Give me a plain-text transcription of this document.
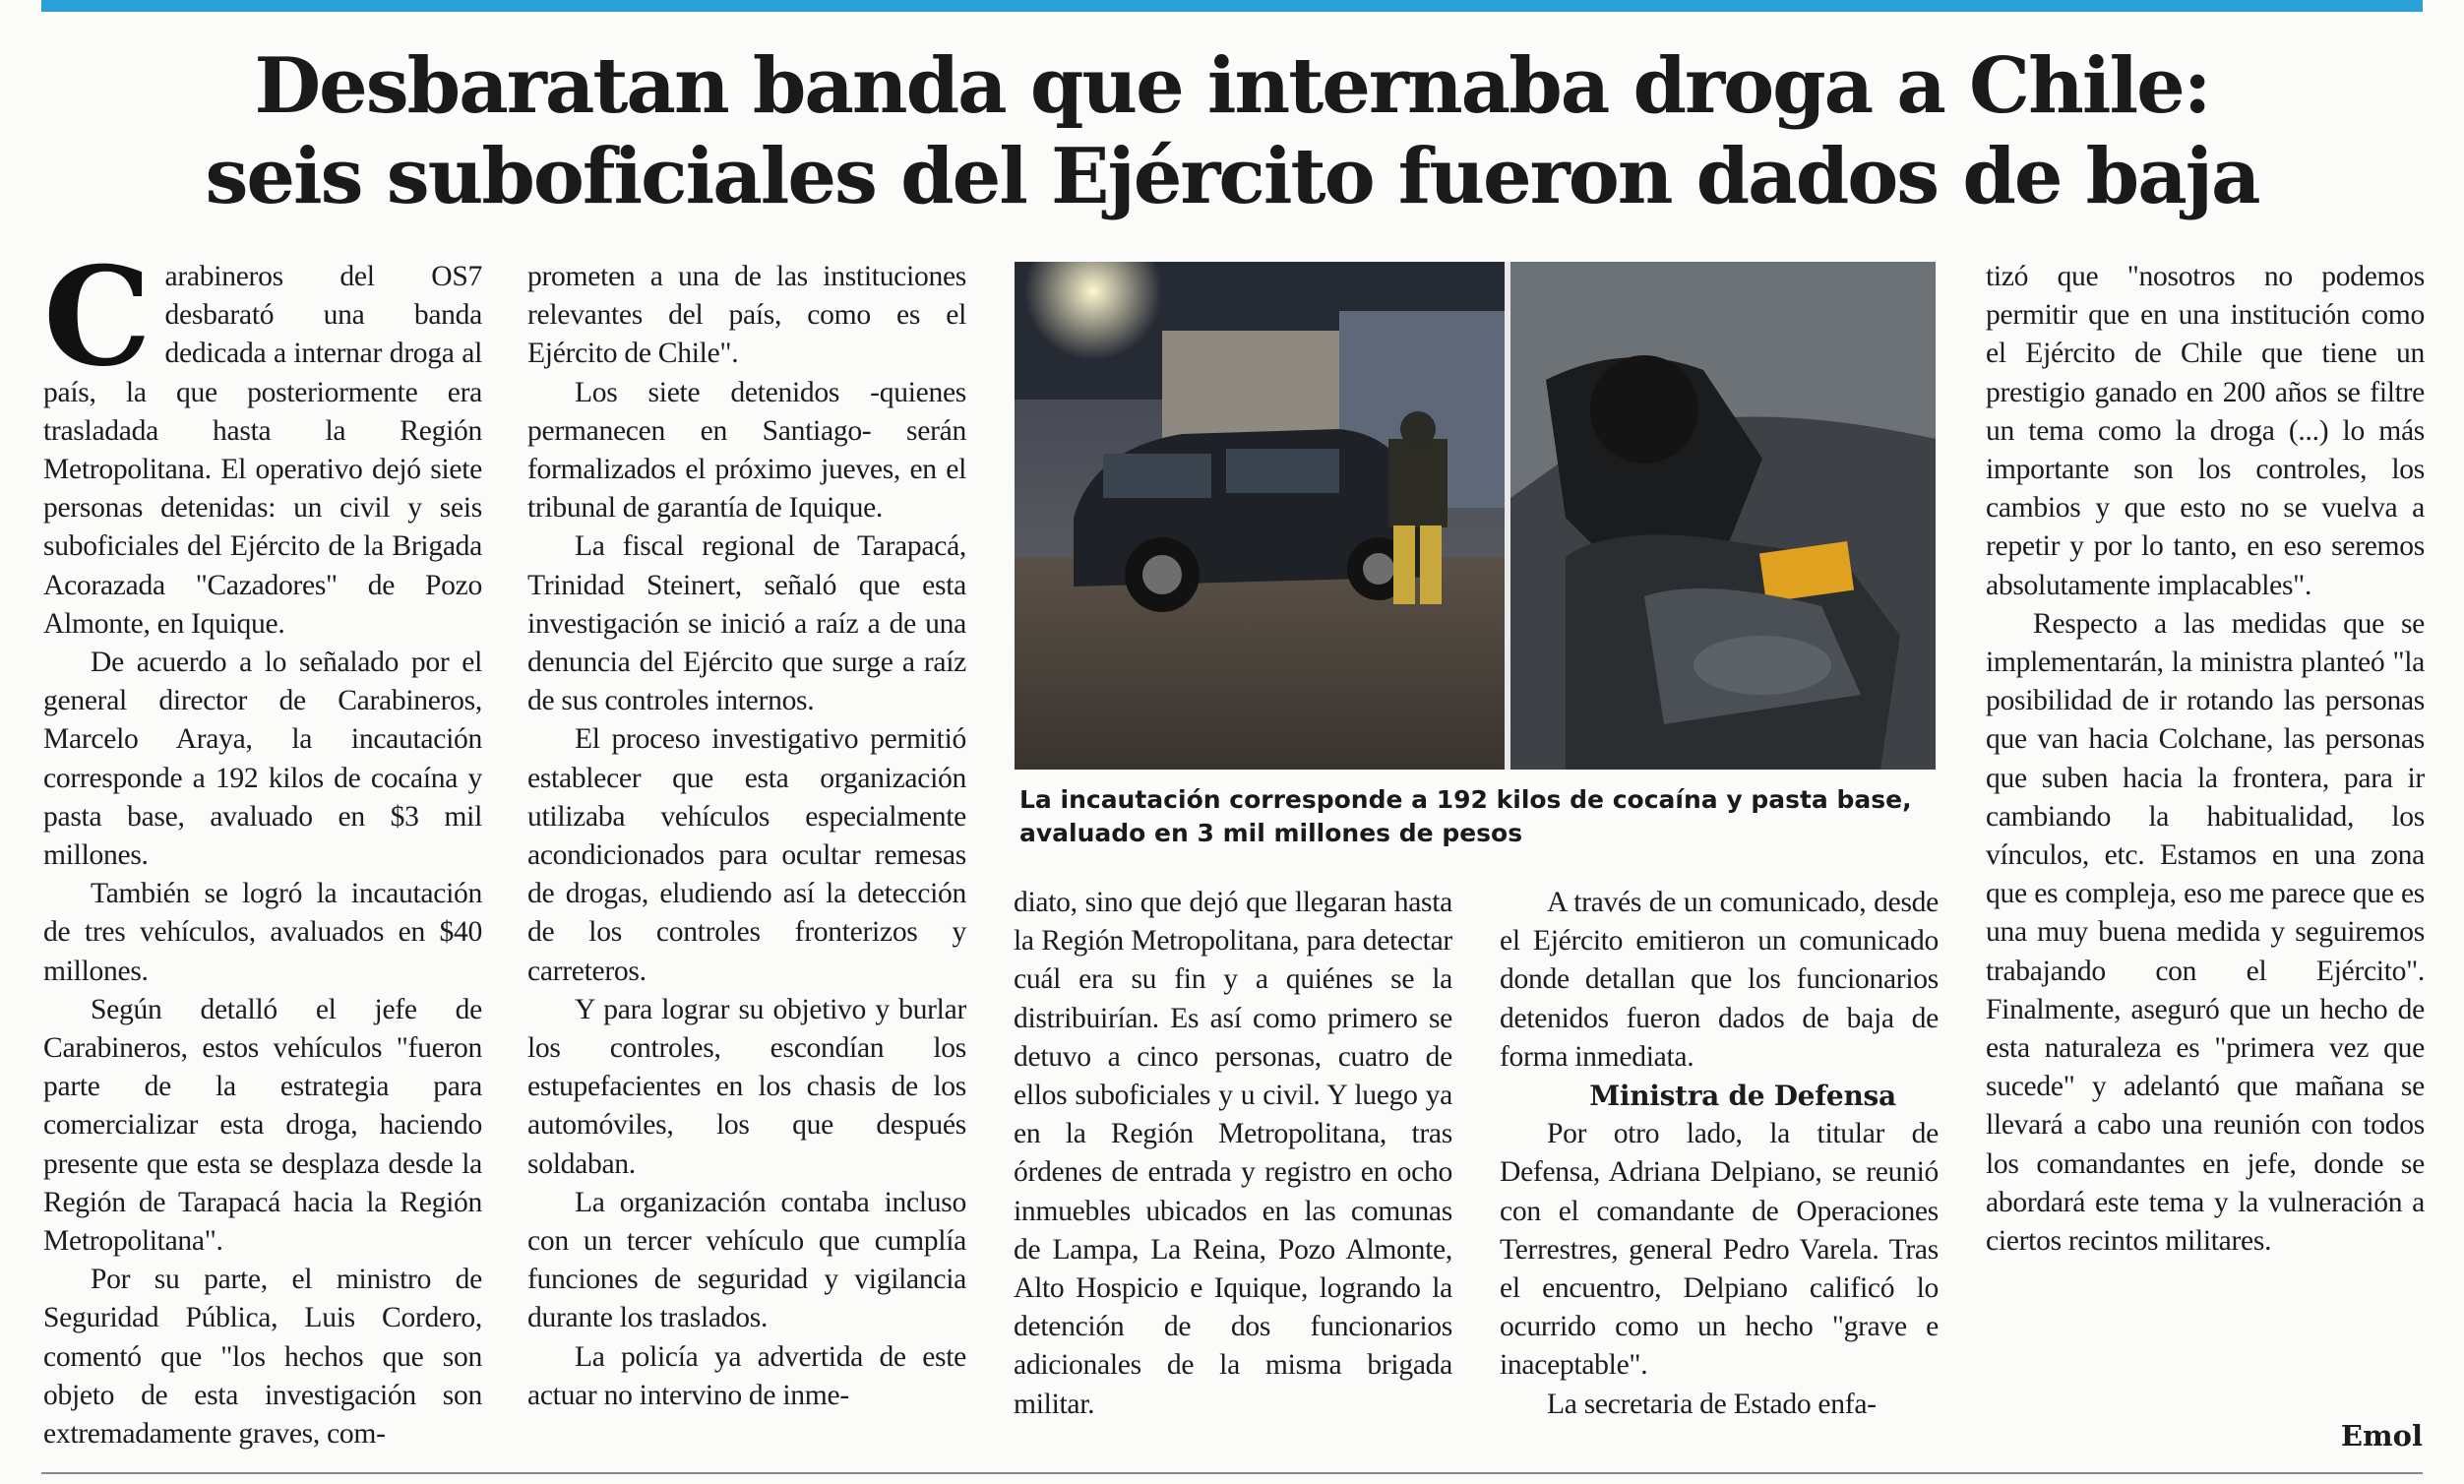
Desbaratan banda que internaba droga a Chile:
seis suboficiales del Ejército fueron dados de baja

Carabineros del OS7 desbarató una banda dedicada a internar droga al país, la que posteriormente era trasladada hasta la Región Metropolitana. El operativo dejó siete personas detenidas: un civil y seis suboficiales del Ejército de la Brigada Acorazada "Cazadores" de Pozo Almonte, en Iquique.

De acuerdo a lo señalado por el general director de Carabineros, Marcelo Araya, la incautación corresponde a 192 kilos de cocaína y pasta base, avaluado en $3 mil millones.

También se logró la incautación de tres vehículos, avaluados en $40 millones.

Según detalló el jefe de Carabineros, estos vehículos "fueron parte de la estrategia para comercializar esta droga, haciendo presente que esta se desplaza desde la Región de Tarapacá hacia la Región Metropolitana".

Por su parte, el ministro de Seguridad Pública, Luis Cordero, comentó que "los hechos que son objeto de esta investigación son extremadamente graves, com-

prometen a una de las instituciones relevantes del país, como es el Ejército de Chile".

Los siete detenidos -quienes permanecen en Santiago- serán formalizados el próximo jueves, en el tribunal de garantía de Iquique.

La fiscal regional de Tarapacá, Trinidad Steinert, señaló que esta investigación se inició a raíz a de una denuncia del Ejército que surge a raíz de sus controles internos.

El proceso investigativo permitió establecer que esta organización utilizaba vehículos especialmente acondicionados para ocultar remesas de drogas, eludiendo así la detección de los controles fronterizos y carreteros.

Y para lograr su objetivo y burlar los controles, escondían los estupefacientes en los chasis de los automóviles, los que después soldaban.

La organización contaba incluso con un tercer vehículo que cumplía funciones de seguridad y vigilancia durante los traslados.

La policía ya advertida de este actuar no intervino de inme-

La incautación corresponde a 192 kilos de cocaína y pasta base, avaluado en 3 mil millones de pesos

diato, sino que dejó que llegaran hasta la Región Metropolitana, para detectar cuál era su fin y a quiénes se la distribuirían. Es así como primero se detuvo a cinco personas, cuatro de ellos suboficiales y u civil. Y luego ya en la Región Metropolitana, tras órdenes de entrada y registro en ocho inmuebles ubicados en las comunas de Lampa, La Reina, Pozo Almonte, Alto Hospicio e Iquique, logrando la detención de dos funcionarios adicionales de la misma brigada militar.

A través de un comunicado, desde el Ejército emitieron un comunicado donde detallan que los funcionarios detenidos fueron dados de baja de forma inmediata.

Ministra de Defensa

Por otro lado, la titular de Defensa, Adriana Delpiano, se reunió con el comandante de Operaciones Terrestres, general Pedro Varela. Tras el encuentro, Delpiano calificó lo ocurrido como un hecho "grave e inaceptable".

La secretaria de Estado enfa-

tizó que "nosotros no podemos permitir que en una institución como el Ejército de Chile que tiene un prestigio ganado en 200 años se filtre un tema como la droga (...) lo más importante son los controles, los cambios y que esto no se vuelva a repetir y por lo tanto, en eso seremos absolutamente implacables".

Respecto a las medidas que se implementarán, la ministra planteó "la posibilidad de ir rotando las personas que van hacia Colchane, las personas que suben hacia la frontera, para ir cambiando la habitualidad, los vínculos, etc. Estamos en una zona que es compleja, eso me parece que es una muy buena medida y seguiremos trabajando con el Ejército". Finalmente, aseguró que un hecho de esta naturaleza es "primera vez que sucede" y adelantó que mañana se llevará a cabo una reunión con todos los comandantes en jefe, donde se abordará este tema y la vulneración a ciertos recintos militares.

Emol
